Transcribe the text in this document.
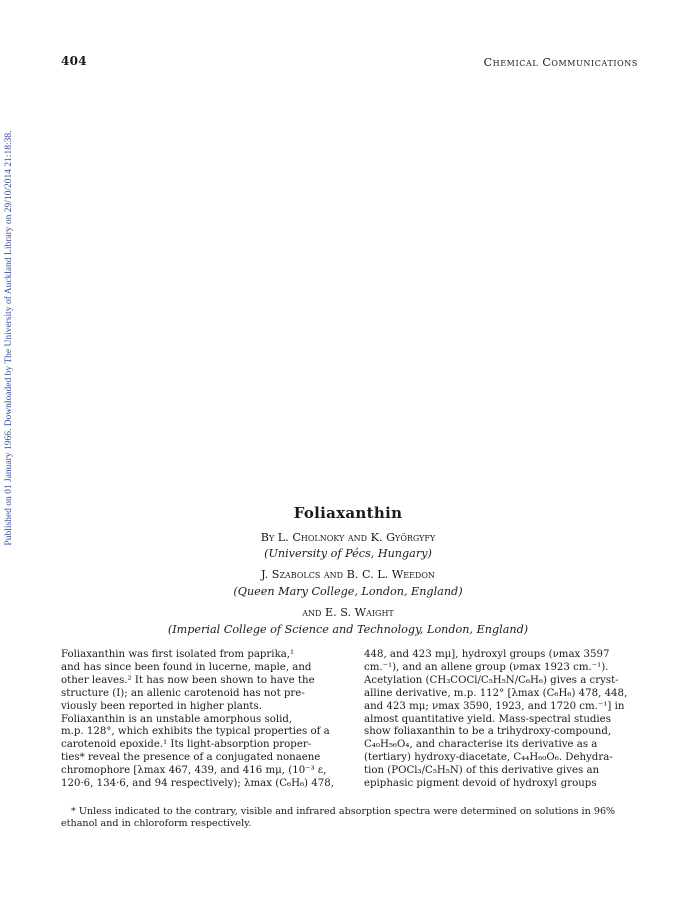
404	Chemical Communications
Published on 01 January 1966. Downloaded by The University of Auckland Library on 29/10/2014 21:18:38.	Foliaxanthin
By L. Cholnoky and K. Györgyfy
(University of Pécs, Hungary)
J. Szabolcs and B. C. L. Weedon
(Queen Mary College, London, England)
and E. S. Waight
(Imperial College of Science and Technology, London, England)

Foliaxanthin was first isolated from paprika,¹
and has since been found in lucerne, maple, and
other leaves.² It has now been shown to have the
structure (I); an allenic carotenoid has not pre-
viously been reported in higher plants.
Foliaxanthin is an unstable amorphous solid,
m.p. 128°, which exhibits the typical properties of a
carotenoid epoxide.¹ Its light-absorption proper-
ties* reveal the presence of a conjugated nonaene
chromophore [λmax 467, 439, and 416 mμ, (10⁻³ ε,
120·6, 134·6, and 94 respectively); λmax (C₆H₆) 478,

448, and 423 mμ], hydroxyl groups (νmax 3597
cm.⁻¹), and an allene group (νmax 1923 cm.⁻¹).
Acetylation (CH₃COCl/C₅H₅N/C₆H₆) gives a cryst-
alline derivative, m.p. 112° [λmax (C₆H₆) 478, 448,
and 423 mμ; νmax 3590, 1923, and 1720 cm.⁻¹] in
almost quantitative yield. Mass-spectral studies
show foliaxanthin to be a trihydroxy-compound,
C₄₀H₅₆O₄, and characterise its derivative as a
(tertiary) hydroxy-diacetate, C₄₄H₆₀O₆. Dehydra-
tion (POCl₃/C₅H₅N) of this derivative gives an
epiphasic pigment devoid of hydroxyl groups

* Unless indicated to the contrary, visible and infrared absorption spectra were determined on solutions in 96%
ethanol and in chloroform respectively.
